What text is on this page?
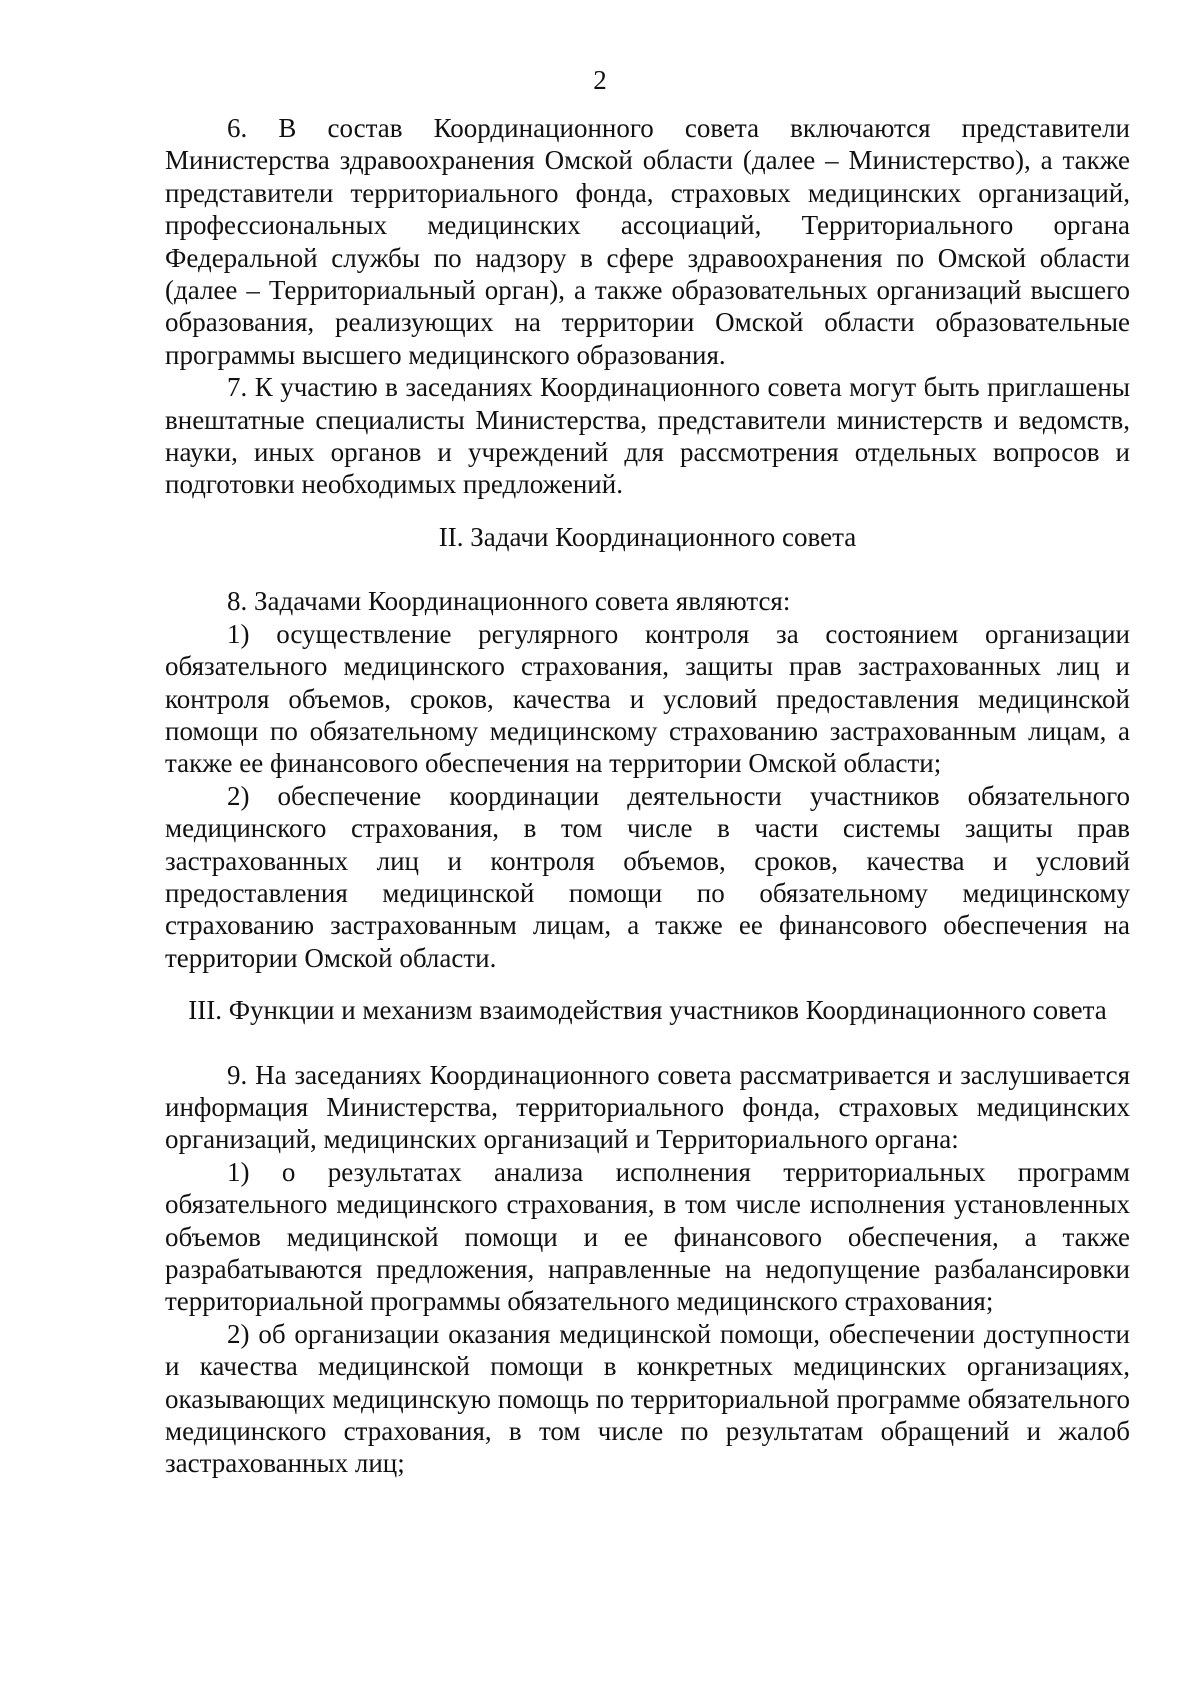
2

6. В состав Координационного совета включаются представители Министерства здравоохранения Омской области (далее – Министерство), а также представители территориального фонда, страховых медицинских организаций, профессиональных медицинских ассоциаций, Территориального органа Федеральной службы по надзору в сфере здравоохранения по Омской области (далее – Территориальный орган), а также образовательных организаций высшего образования, реализующих на территории Омской области образовательные программы высшего медицинского образования.

7. К участию в заседаниях Координационного совета могут быть приглашены внештатные специалисты Министерства, представители министерств и ведомств, науки, иных органов и учреждений для рассмотрения отдельных вопросов и подготовки необходимых предложений.

II. Задачи Координационного совета

8. Задачами Координационного совета являются:

1) осуществление регулярного контроля за состоянием организации обязательного медицинского страхования, защиты прав застрахованных лиц и контроля объемов, сроков, качества и условий предоставления медицинской помощи по обязательному медицинскому страхованию застрахованным лицам, а также ее финансового обеспечения на территории Омской области;

2) обеспечение координации деятельности участников обязательного медицинского страхования, в том числе в части системы защиты прав застрахованных лиц и контроля объемов, сроков, качества и условий предоставления медицинской помощи по обязательному медицинскому страхованию застрахованным лицам, а также ее финансового обеспечения на территории Омской области.

III. Функции и механизм взаимодействия участников Координационного совета

9. На заседаниях Координационного совета рассматривается и заслушивается информация Министерства, территориального фонда, страховых медицинских организаций, медицинских организаций и Территориального органа:

1) о результатах анализа исполнения территориальных программ обязательного медицинского страхования, в том числе исполнения установленных объемов медицинской помощи и ее финансового обеспечения, а также разрабатываются предложения, направленные на недопущение разбалансировки территориальной программы обязательного медицинского страхования;

2) об организации оказания медицинской помощи, обеспечении доступности и качества медицинской помощи в конкретных медицинских организациях, оказывающих медицинскую помощь по территориальной программе обязательного медицинского страхования, в том числе по результатам обращений и жалоб застрахованных лиц;
